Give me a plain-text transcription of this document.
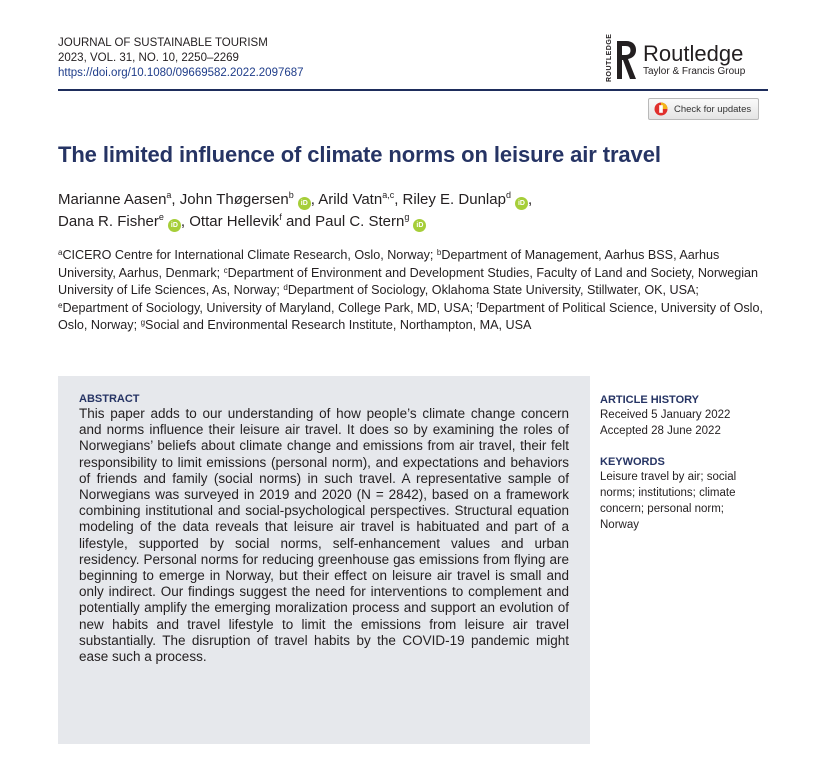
JOURNAL OF SUSTAINABLE TOURISM
2023, VOL. 31, NO. 10, 2250–2269
https://doi.org/10.1080/09669582.2022.2097687	ROUTLEDGE Routledge
Taylor & Francis Group
Check for updates
The limited influence of climate norms on leisure air travel
Marianne Aasen$^a$, John Thøgersen$^b$iD , Arild Vatn$^{a,c}$, Riley E. Dunlap$^d$iD ,
Dana R. Fisher$^e$iD , Ottar Hellevik$^f$ and Paul C. Stern$^g$iD
$^a$CICERO Centre for International Climate Research, Oslo, Norway; $^b$Department of Management, Aarhus BSS, Aarhus University, Aarhus, Denmark; $^c$Department of Environment and Development Studies, Faculty of Land and Society, Norwegian University of Life Sciences, As, Norway; $^d$Department of Sociology, Oklahoma State University, Stillwater, OK, USA; $^e$Department of Sociology, University of Maryland, College Park, MD, USA; $^f$Department of Political Science, University of Oslo, Oslo, Norway; $^g$Social and Environmental Research Institute, Northampton, MA, USA
ABSTRACT
This paper adds to our understanding of how people’s climate change concern and norms influence their leisure air travel. It does so by examining the roles of Norwegians’ beliefs about climate change and emissions from air travel, their felt responsibility to limit emissions (personal norm), and expectations and behaviors of friends and family (social norms) in such travel. A representative sample of Norwegians was surveyed in 2019 and 2020 (N = 2842), based on a framework combining institutional and social-psychological perspectives. Structural equation modeling of the data reveals that leisure air travel is habituated and part of a lifestyle, supported by social norms, self-enhancement values and urban residency. Personal norms for reducing greenhouse gas emissions from flying are beginning to emerge in Norway, but their effect on leisure air travel is small and only indirect. Our findings suggest the need for interventions to complement and potentially amplify the emerging moralization process and support an evolution of new habits and travel lifestyle to limit the emissions from leisure air travel substantially. The disruption of travel habits by the COVID-19 pandemic might ease such a process.
ARTICLE HISTORY
Received 5 January 2022
Accepted 28 June 2022
KEYWORDS
Leisure travel by air; social norms; institutions; climate concern; personal norm; Norway
